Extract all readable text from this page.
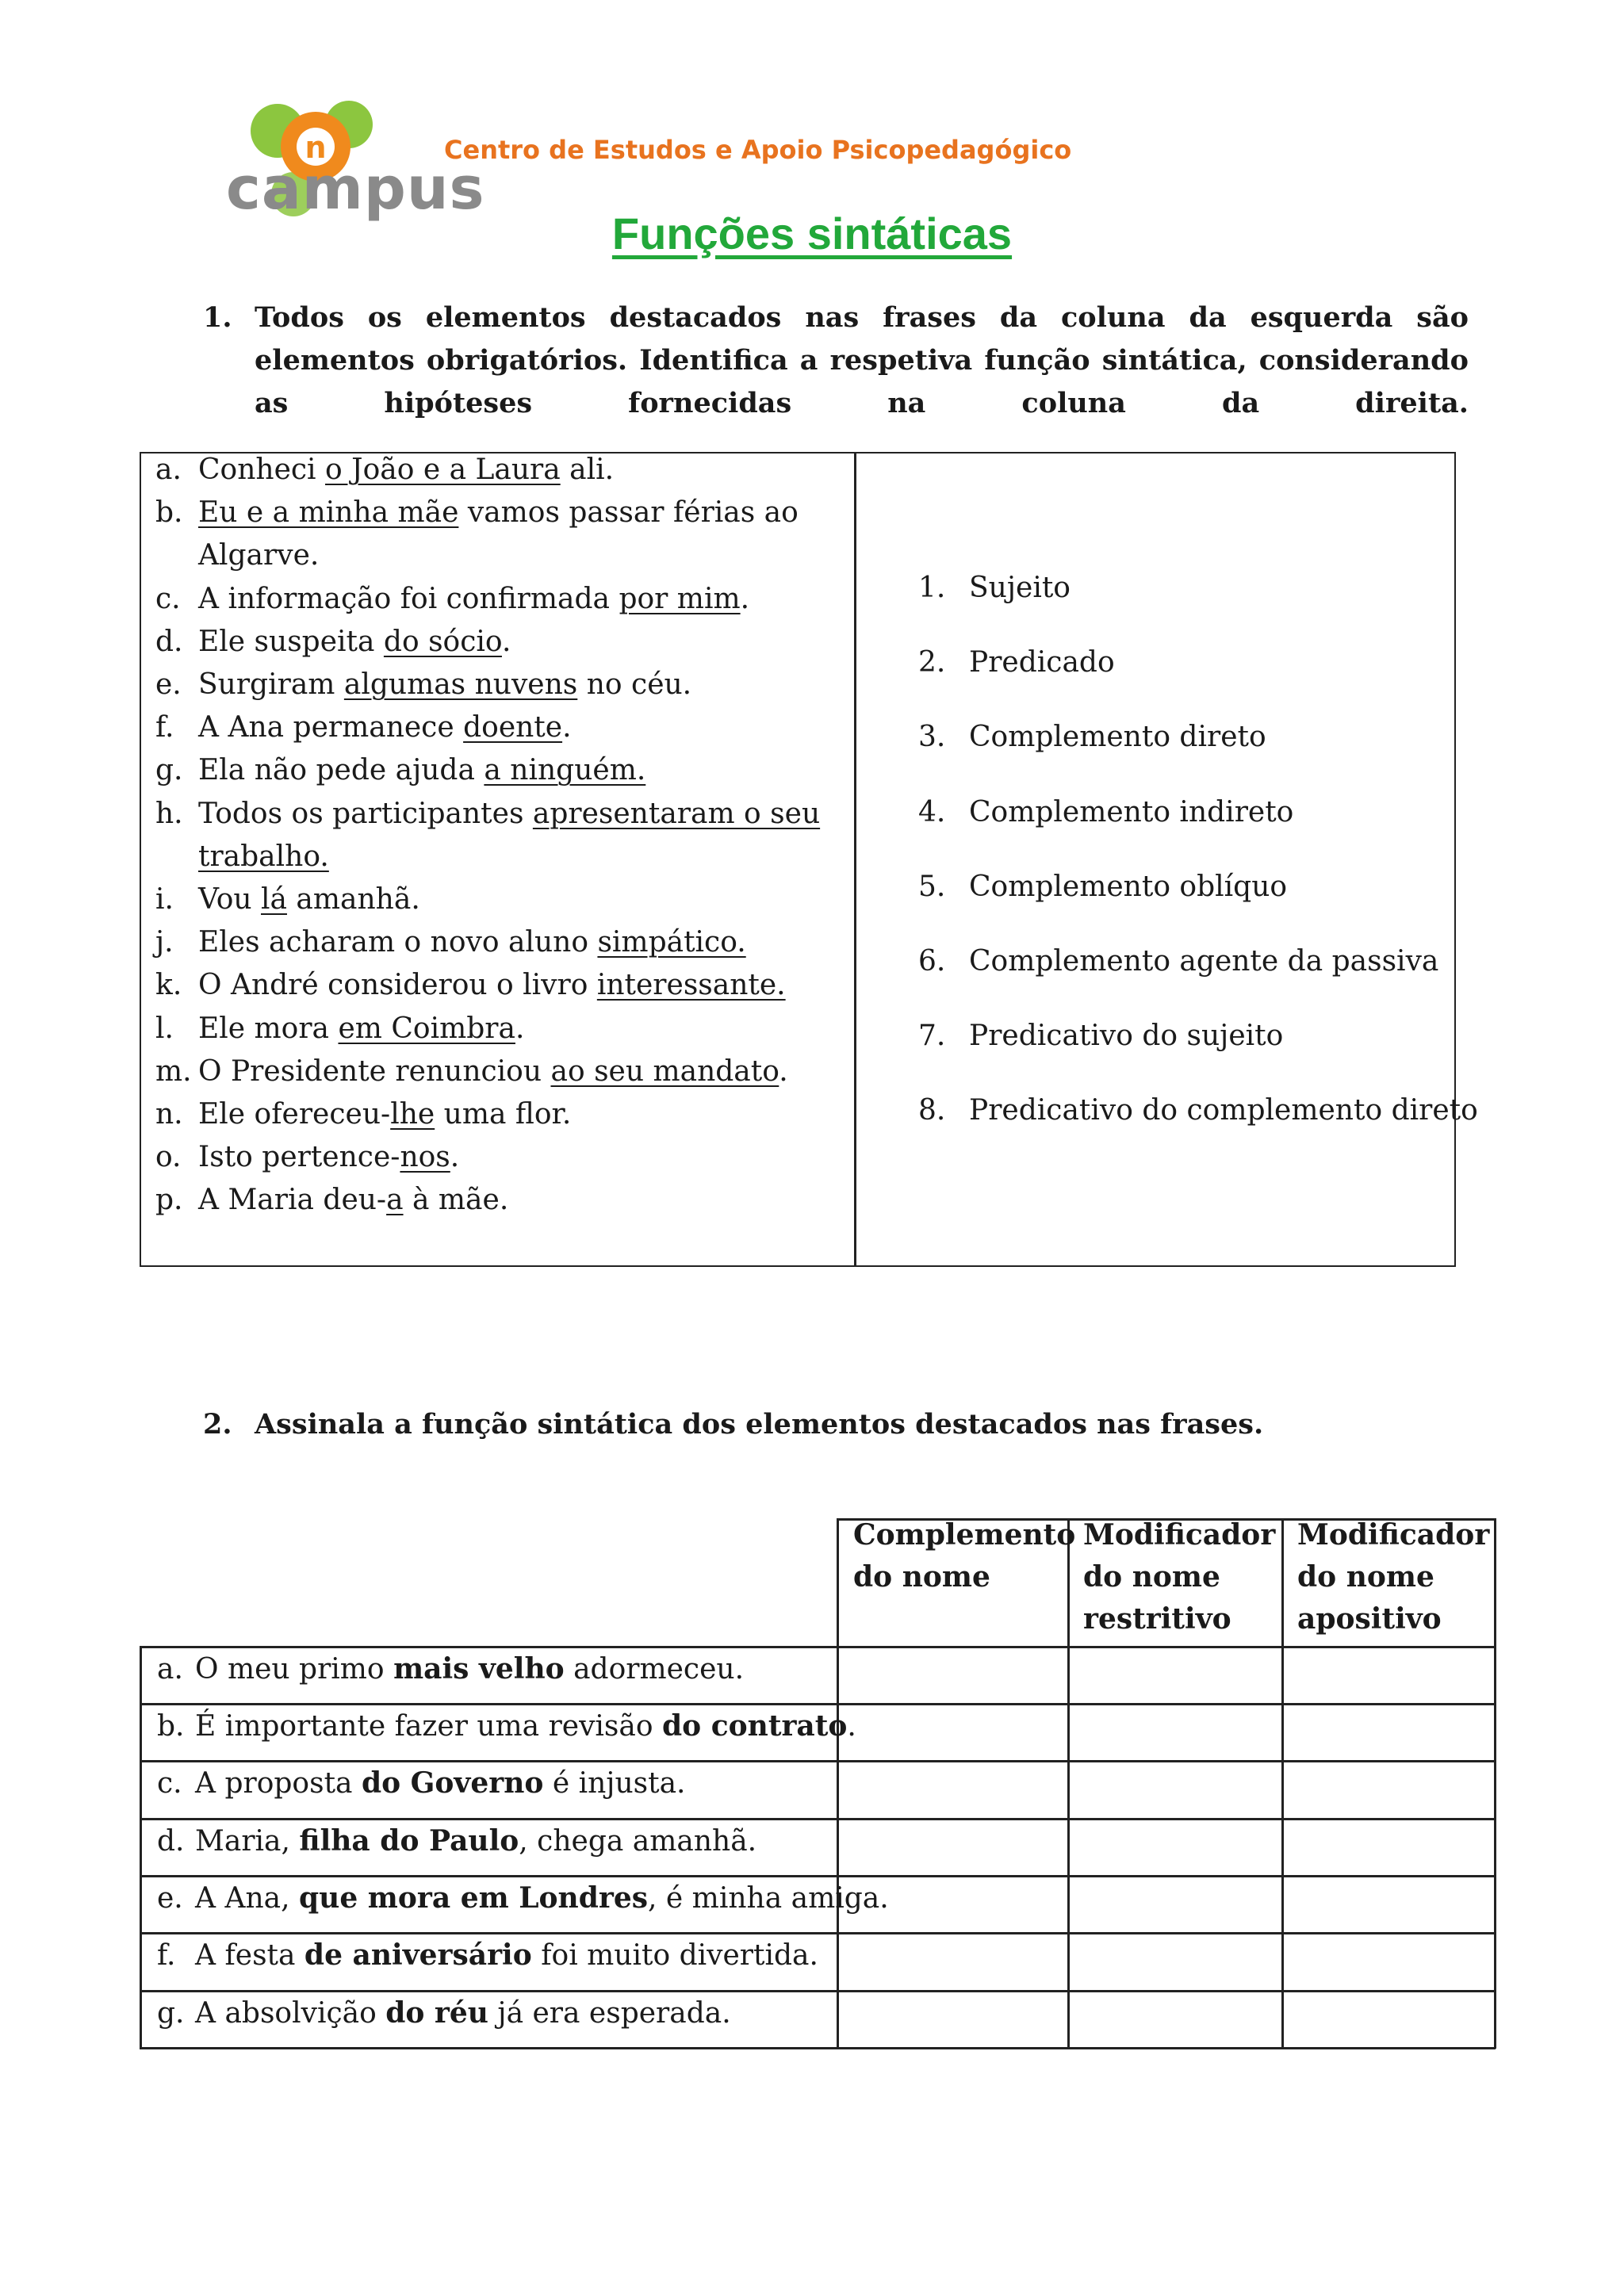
n
campus
Centro de Estudos e Apoio Psicopedagógico
Funções sintáticas
1. Todos os elementos destacados nas frases da coluna da esquerda são elementos obrigatórios. Identifica a respetiva função sintática, considerando as hipóteses fornecidas na coluna da direita.
a. Conheci o João e a Laura ali.
b. Eu e a minha mãe vamos passar férias ao Algarve.
c. A informação foi confirmada por mim.
d. Ele suspeita do sócio.
e. Surgiram algumas nuvens no céu.
f. A Ana permanece doente.
g. Ela não pede ajuda a ninguém.
h. Todos os participantes apresentaram o seu trabalho.
i. Vou lá amanhã.
j. Eles acharam o novo aluno simpático.
k. O André considerou o livro interessante.
l. Ele mora em Coimbra.
m. O Presidente renunciou ao seu mandato.
n. Ele ofereceu-lhe uma flor.
o. Isto pertence-nos.
p. A Maria deu-a à mãe.
1. Sujeito
2. Predicado
3. Complemento direto
4. Complemento indireto
5. Complemento oblíquo
6. Complemento agente da passiva
7. Predicativo do sujeito
8. Predicativo do complemento direto
2. Assinala a função sintática dos elementos destacados nas frases.
Complemento
do nome
Modificador
do nome
restritivo
Modificador
do nome
apositivo
a. O meu primo mais velho adormeceu.
b. É importante fazer uma revisão do contrato.
c. A proposta do Governo é injusta.
d. Maria, filha do Paulo, chega amanhã.
e. A Ana, que mora em Londres, é minha amiga.
f. A festa de aniversário foi muito divertida.
g. A absolvição do réu já era esperada.
